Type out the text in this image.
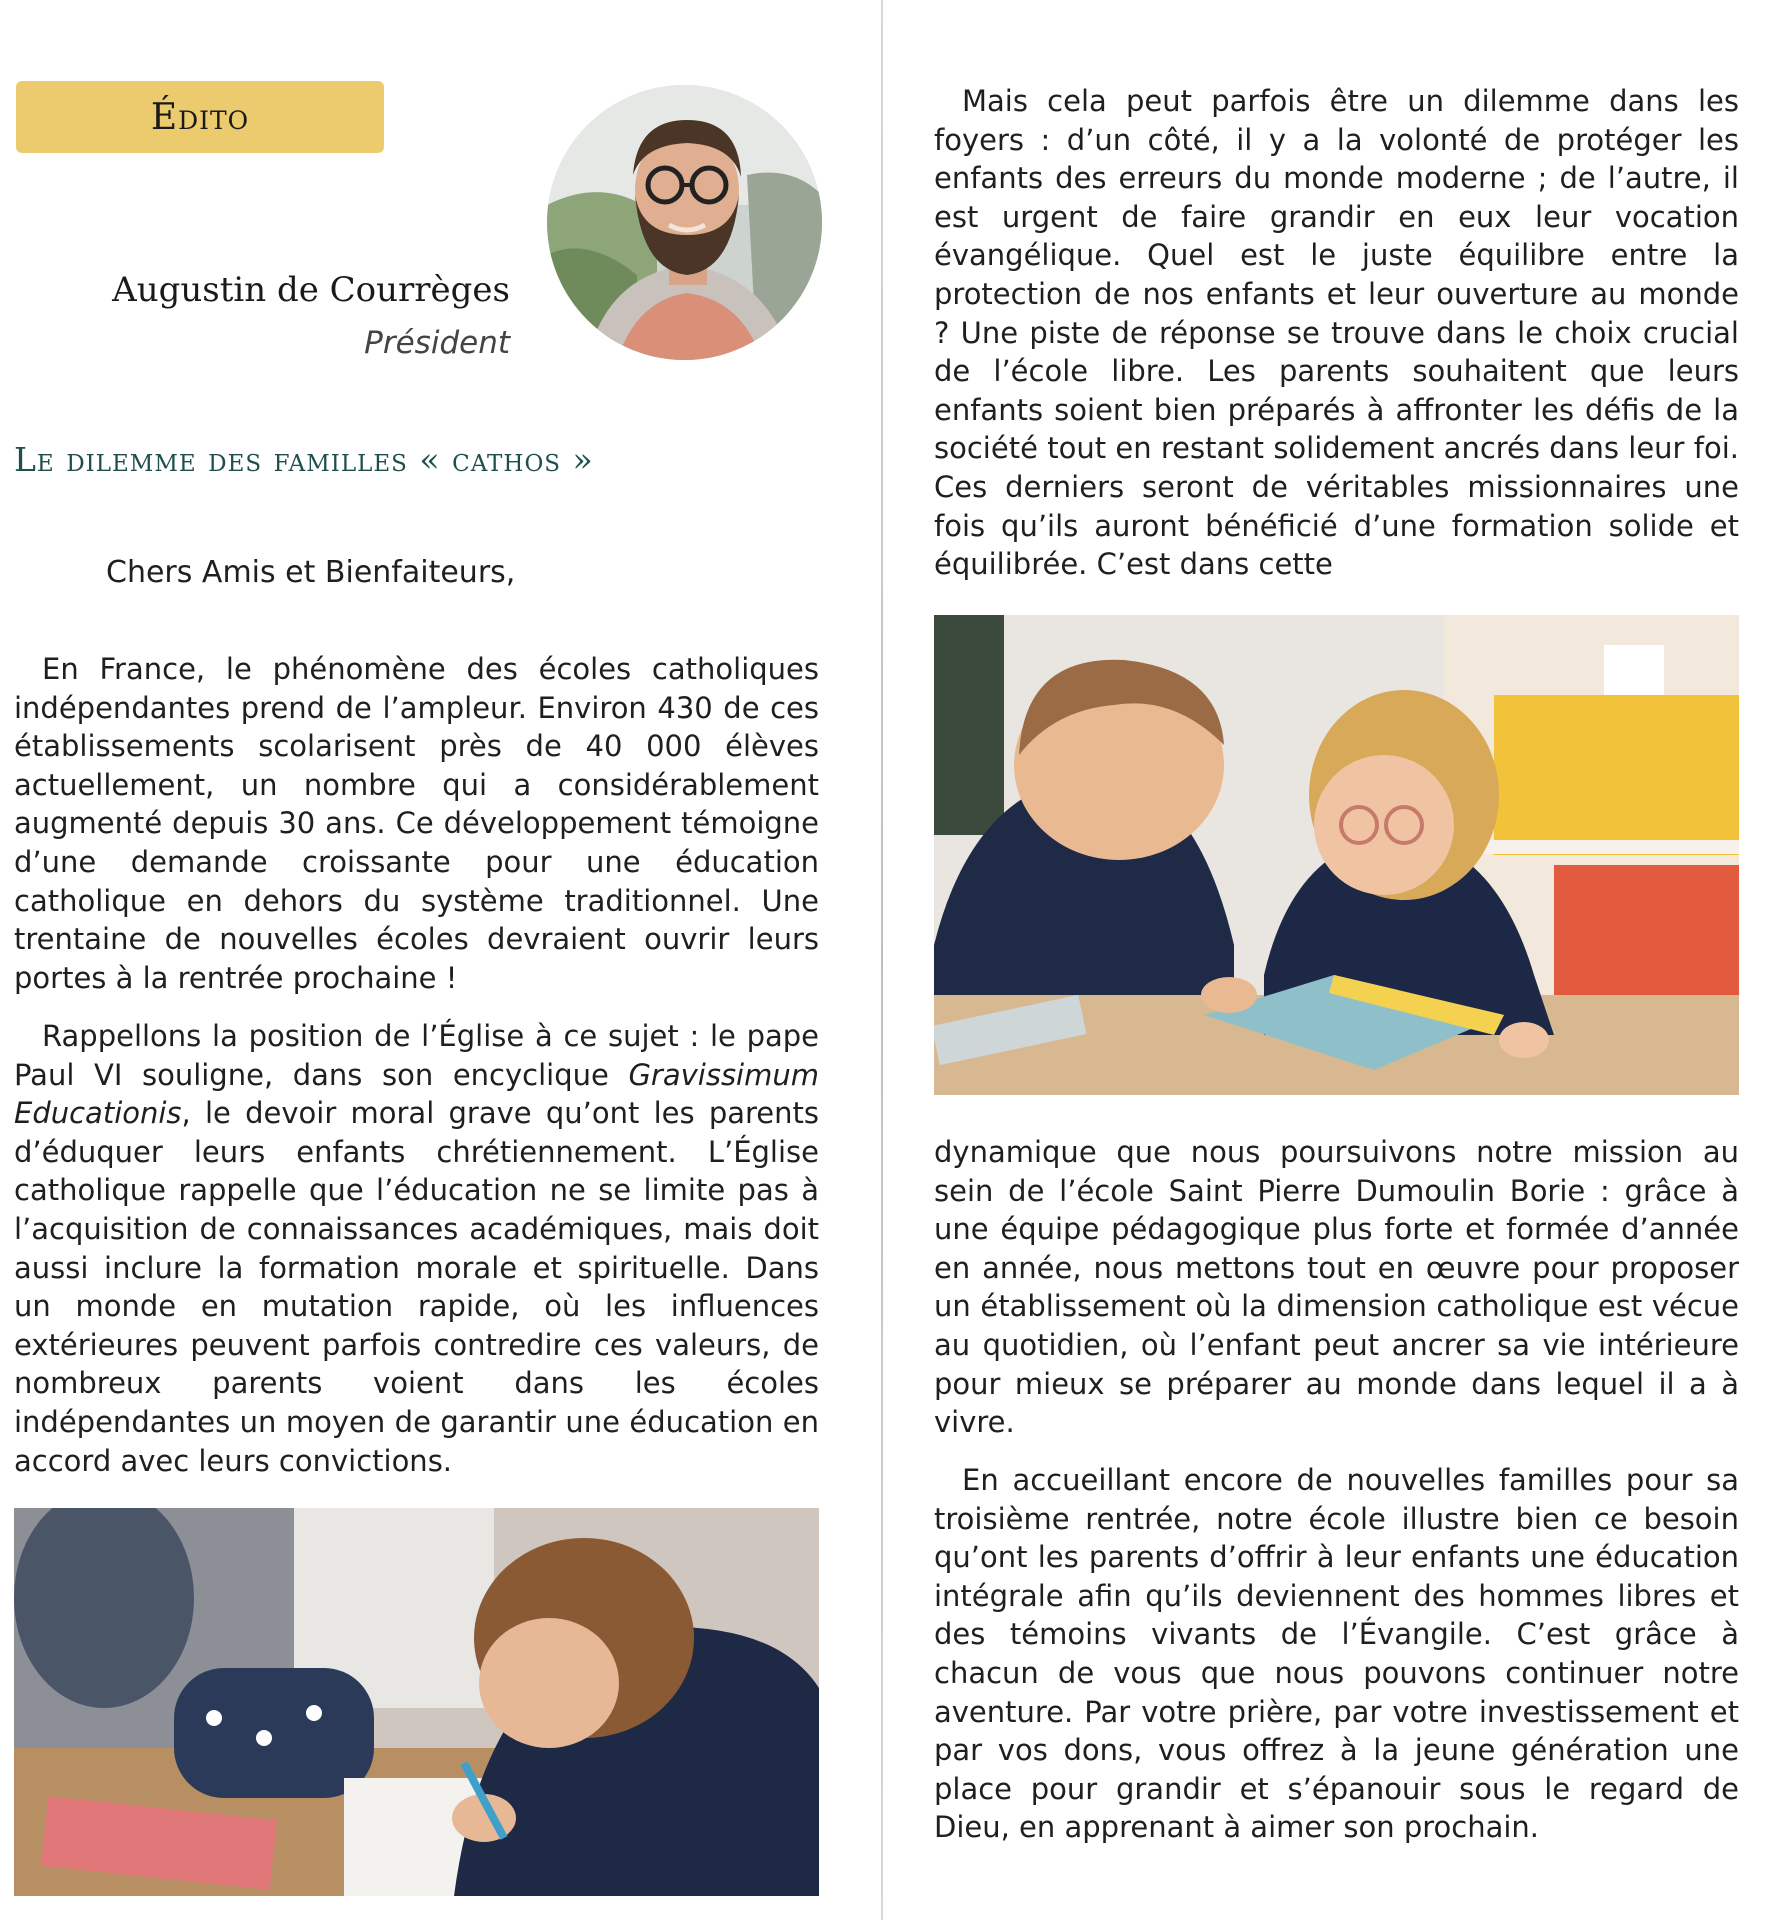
Édito
Augustin de Courrèges
Président
Le dilemme des familles « cathos »
Chers Amis et Bienfaiteurs,

En France, le phénomène des écoles catholiques indépendantes prend de l’ampleur. Environ 430 de ces établissements scolarisent près de 40 000 élèves actuellement, un nombre qui a considérablement augmenté depuis 30 ans. Ce développement témoigne d’une demande croissante pour une éducation catholique en dehors du système traditionnel. Une trentaine de nouvelles écoles devraient ouvrir leurs portes à la rentrée prochaine !

Rappellons la position de l’Église à ce sujet : le pape Paul VI souligne, dans son encyclique Gravissimum Educationis, le devoir moral grave qu’ont les parents d’éduquer leurs enfants chrétiennement. L’Église catholique rappelle que l’éducation ne se limite pas à l’acquisition de connaissances académiques, mais doit aussi inclure la formation morale et spirituelle. Dans un monde en mutation rapide, où les influences extérieures peuvent parfois contredire ces valeurs, de nombreux parents voient dans les écoles indépendantes un moyen de garantir une éducation en accord avec leurs convictions.

Mais cela peut parfois être un dilemme dans les foyers : d’un côté, il y a la volonté de protéger les enfants des erreurs du monde moderne ; de l’autre, il est urgent de faire grandir en eux leur vocation évangélique. Quel est le juste équilibre entre la protection de nos enfants et leur ouverture au monde ? Une piste de réponse se trouve dans le choix crucial de l’école libre. Les parents souhaitent que leurs enfants soient bien préparés à affronter les défis de la société tout en restant solidement ancrés dans leur foi. Ces derniers seront de véritables missionnaires une fois qu’ils auront bénéficié d’une formation solide et équilibrée. C’est dans cette

dynamique que nous poursuivons notre mission au sein de l’école Saint Pierre Dumoulin Borie : grâce à une équipe pédagogique plus forte et formée d’année en année, nous mettons tout en œuvre pour proposer un établissement où la dimension catholique est vécue au quotidien, où l’enfant peut ancrer sa vie intérieure pour mieux se préparer au monde dans lequel il a à vivre.

En accueillant encore de nouvelles familles pour sa troisième rentrée, notre école illustre bien ce besoin qu’ont les parents d’offrir à leur enfants une éducation intégrale afin qu’ils deviennent des hommes libres et des témoins vivants de l’Évangile. C’est grâce à chacun de vous que nous pouvons continuer notre aventure. Par votre prière, par votre investissement et par vos dons, vous offrez à la jeune génération une place pour grandir et s’épanouir sous le regard de Dieu, en apprenant à aimer son prochain.
